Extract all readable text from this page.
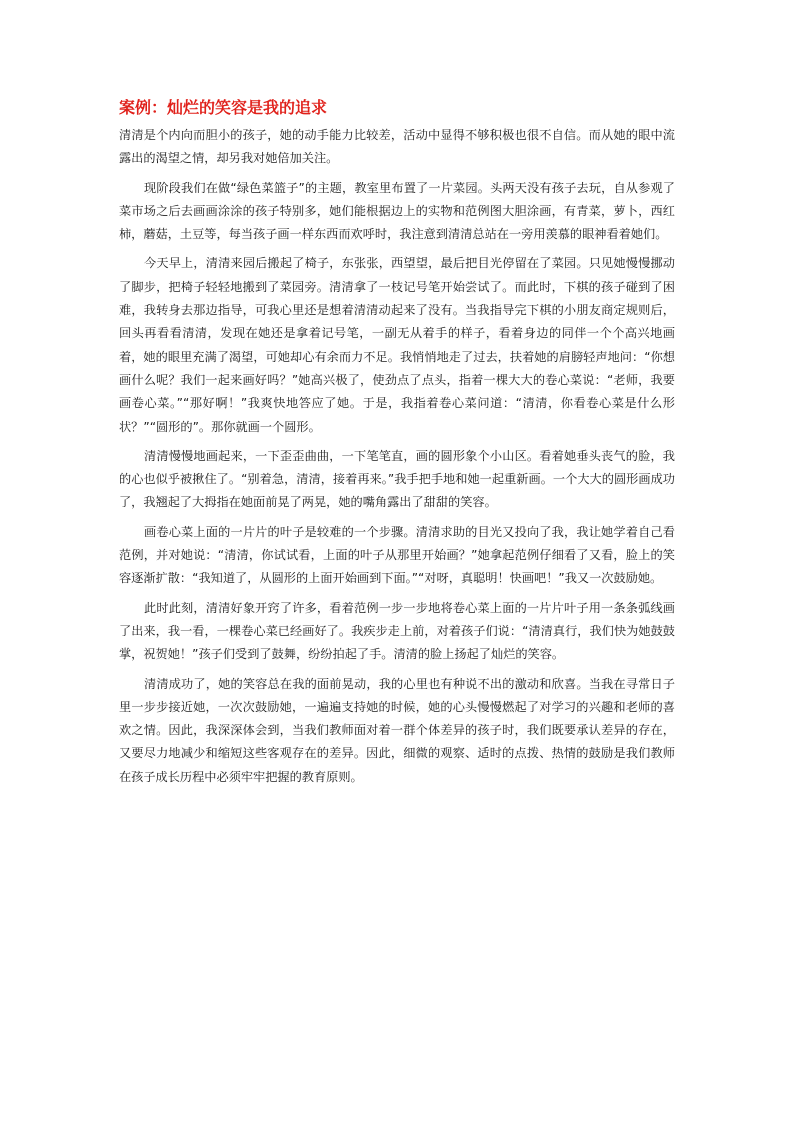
案例：灿烂的笑容是我的追求

清清是个内向而胆小的孩子，她的动手能力比较差，活动中显得不够积极也很不自信。而从她的眼中流露出的渴望之情，却另我对她倍加关注。

现阶段我们在做“绿色菜篮子”的主题，教室里布置了一片菜园。头两天没有孩子去玩，自从参观了菜市场之后去画画涂涂的孩子特别多，她们能根据边上的实物和范例图大胆涂画，有青菜，萝卜，西红柿，蘑菇，土豆等，每当孩子画一样东西而欢呼时，我注意到清清总站在一旁用羡慕的眼神看着她们。

今天早上，清清来园后搬起了椅子，东张张，西望望，最后把目光停留在了菜园。只见她慢慢挪动了脚步，把椅子轻轻地搬到了菜园旁。清清拿了一枝记号笔开始尝试了。而此时，下棋的孩子碰到了困难，我转身去那边指导，可我心里还是想着清清动起来了没有。当我指导完下棋的小朋友商定规则后，回头再看看清清，发现在她还是拿着记号笔，一副无从着手的样子，看着身边的同伴一个个高兴地画着，她的眼里充满了渴望，可她却心有余而力不足。我悄悄地走了过去，扶着她的肩膀轻声地问：“你想画什么呢？我们一起来画好吗？”她高兴极了，使劲点了点头，指着一棵大大的卷心菜说：“老师，我要画卷心菜。”“那好啊！”我爽快地答应了她。于是，我指着卷心菜问道：“清清，你看卷心菜是什么形状？”“圆形的”。那你就画一个圆形。

清清慢慢地画起来，一下歪歪曲曲，一下笔笔直，画的圆形象个小山区。看着她垂头丧气的脸，我的心也似乎被揪住了。“别着急，清清，接着再来。”我手把手地和她一起重新画。一个大大的圆形画成功了，我翘起了大拇指在她面前晃了两晃，她的嘴角露出了甜甜的笑容。

画卷心菜上面的一片片的叶子是较难的一个步骤。清清求助的目光又投向了我，我让她学着自己看范例，并对她说：“清清，你试试看，上面的叶子从那里开始画？”她拿起范例仔细看了又看，脸上的笑容逐渐扩散：“我知道了，从圆形的上面开始画到下面。”“对呀，真聪明！快画吧！”我又一次鼓励她。

此时此刻，清清好象开窍了许多，看着范例一步一步地将卷心菜上面的一片片叶子用一条条弧线画了出来，我一看，一棵卷心菜已经画好了。我疾步走上前，对着孩子们说：“清清真行，我们快为她鼓鼓掌，祝贺她！”孩子们受到了鼓舞，纷纷拍起了手。清清的脸上扬起了灿烂的笑容。

清清成功了，她的笑容总在我的面前晃动，我的心里也有种说不出的激动和欣喜。当我在寻常日子里一步步接近她，一次次鼓励她，一遍遍支持她的时候，她的心头慢慢燃起了对学习的兴趣和老师的喜欢之情。因此，我深深体会到，当我们教师面对着一群个体差异的孩子时，我们既要承认差异的存在，又要尽力地减少和缩短这些客观存在的差异。因此，细微的观察、适时的点拨、热情的鼓励是我们教师在孩子成长历程中必须牢牢把握的教育原则。
